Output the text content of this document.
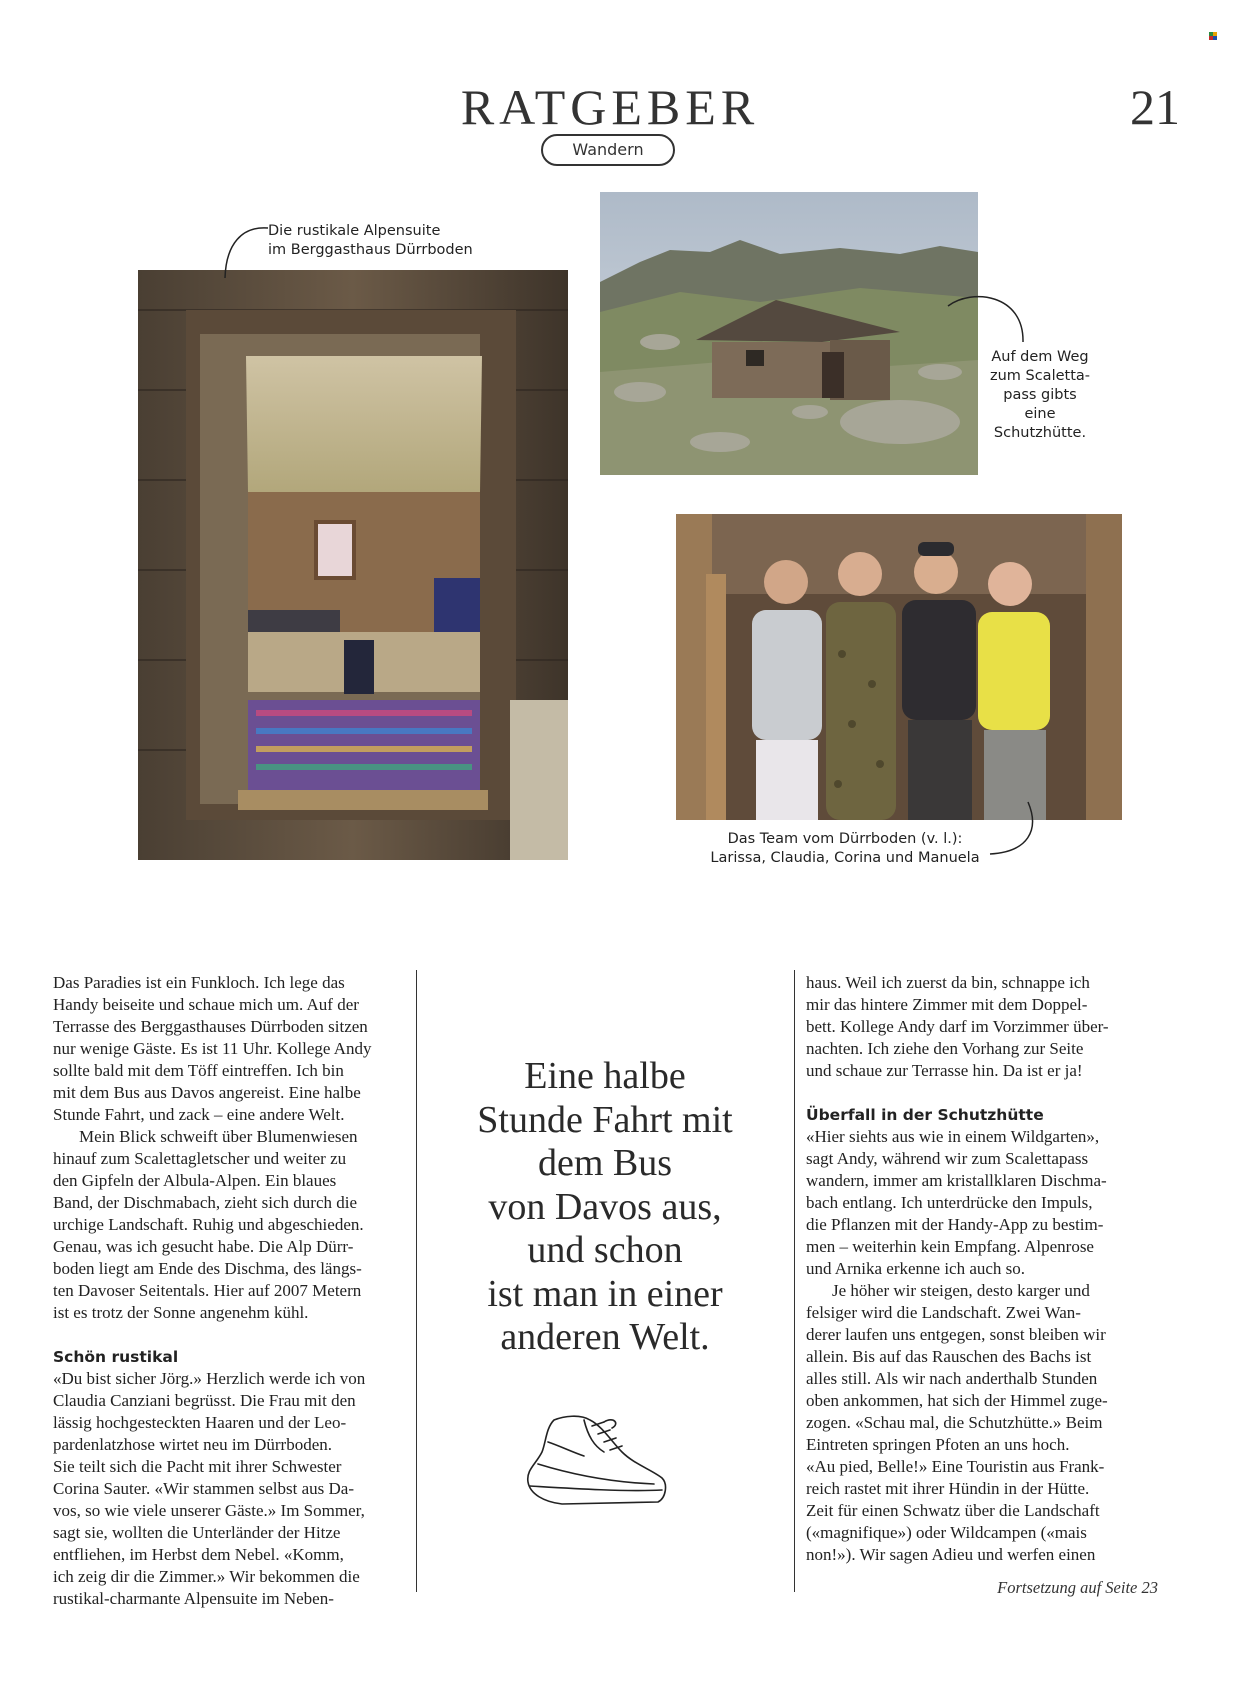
RATGEBER	21
Wandern
Die rustikale Alpensuite
im Berggasthaus Dürrboden
Auf dem Weg
zum Scaletta-
pass gibts eine
Schutzhütte.
Das Team vom Dürrboden (v. l.):
Larissa, Claudia, Corina und Manuela

Das Paradies ist ein Funkloch. Ich lege das
Handy beiseite und schaue mich um. Auf der
Terrasse des Berggasthauses Dürrboden sitzen
nur wenige Gäste. Es ist 11 Uhr. Kollege Andy
sollte bald mit dem Töff eintreffen. Ich bin
mit dem Bus aus Davos angereist. Eine halbe
Stunde Fahrt, und zack – eine andere Welt.

Mein Blick schweift über Blumenwiesen
hinauf zum Scalettagletscher und weiter zu
den Gipfeln der Albula-Alpen. Ein blaues
Band, der Dischmabach, zieht sich durch die
urchige Landschaft. Ruhig und abgeschieden.
Genau, was ich gesucht habe. Die Alp Dürr-
boden liegt am Ende des Dischma, des längs-
ten Davoser Seitentals. Hier auf 2007 Metern
ist es trotz der Sonne angenehm kühl.

Schön rustikal

«Du bist sicher Jörg.» Herzlich werde ich von
Claudia Canziani begrüsst. Die Frau mit den
lässig hochgesteckten Haaren und der Leo-
pardenlatzhose wirtet neu im Dürrboden.
Sie teilt sich die Pacht mit ihrer Schwester
Corina Sauter. «Wir stammen selbst aus Da-
vos, so wie viele unserer Gäste.» Im Sommer,
sagt sie, wollten die Unterländer der Hitze
entfliehen, im Herbst dem Nebel. «Komm,
ich zeig dir die Zimmer.» Wir bekommen die
rustikal-charmante Alpensuite im Neben-

Eine halbe
Stunde Fahrt mit
dem Bus
von Davos aus,
und schon
ist man in einer
anderen Welt.

haus. Weil ich zuerst da bin, schnappe ich
mir das hintere Zimmer mit dem Doppel-
bett. Kollege Andy darf im Vorzimmer über-
nachten. Ich ziehe den Vorhang zur Seite
und schaue zur Terrasse hin. Da ist er ja!

Überfall in der Schutzhütte

«Hier siehts aus wie in einem Wildgarten»,
sagt Andy, während wir zum Scalettapass
wandern, immer am kristallklaren Dischma-
bach entlang. Ich unterdrücke den Impuls,
die Pflanzen mit der Handy-App zu bestim-
men – weiterhin kein Empfang. Alpenrose
und Arnika erkenne ich auch so.

Je höher wir steigen, desto karger und
felsiger wird die Landschaft. Zwei Wan-
derer laufen uns entgegen, sonst bleiben wir
allein. Bis auf das Rauschen des Bachs ist
alles still. Als wir nach anderthalb Stunden
oben ankommen, hat sich der Himmel zuge-
zogen. «Schau mal, die Schutzhütte.» Beim
Eintreten springen Pfoten an uns hoch.
«Au pied, Belle!» Eine Touristin aus Frank-
reich rastet mit ihrer Hündin in der Hütte.
Zeit für einen Schwatz über die Landschaft
(«magnifique») oder Wildcampen («mais
non!»). Wir sagen Adieu und werfen einen

Fortsetzung auf Seite 23
